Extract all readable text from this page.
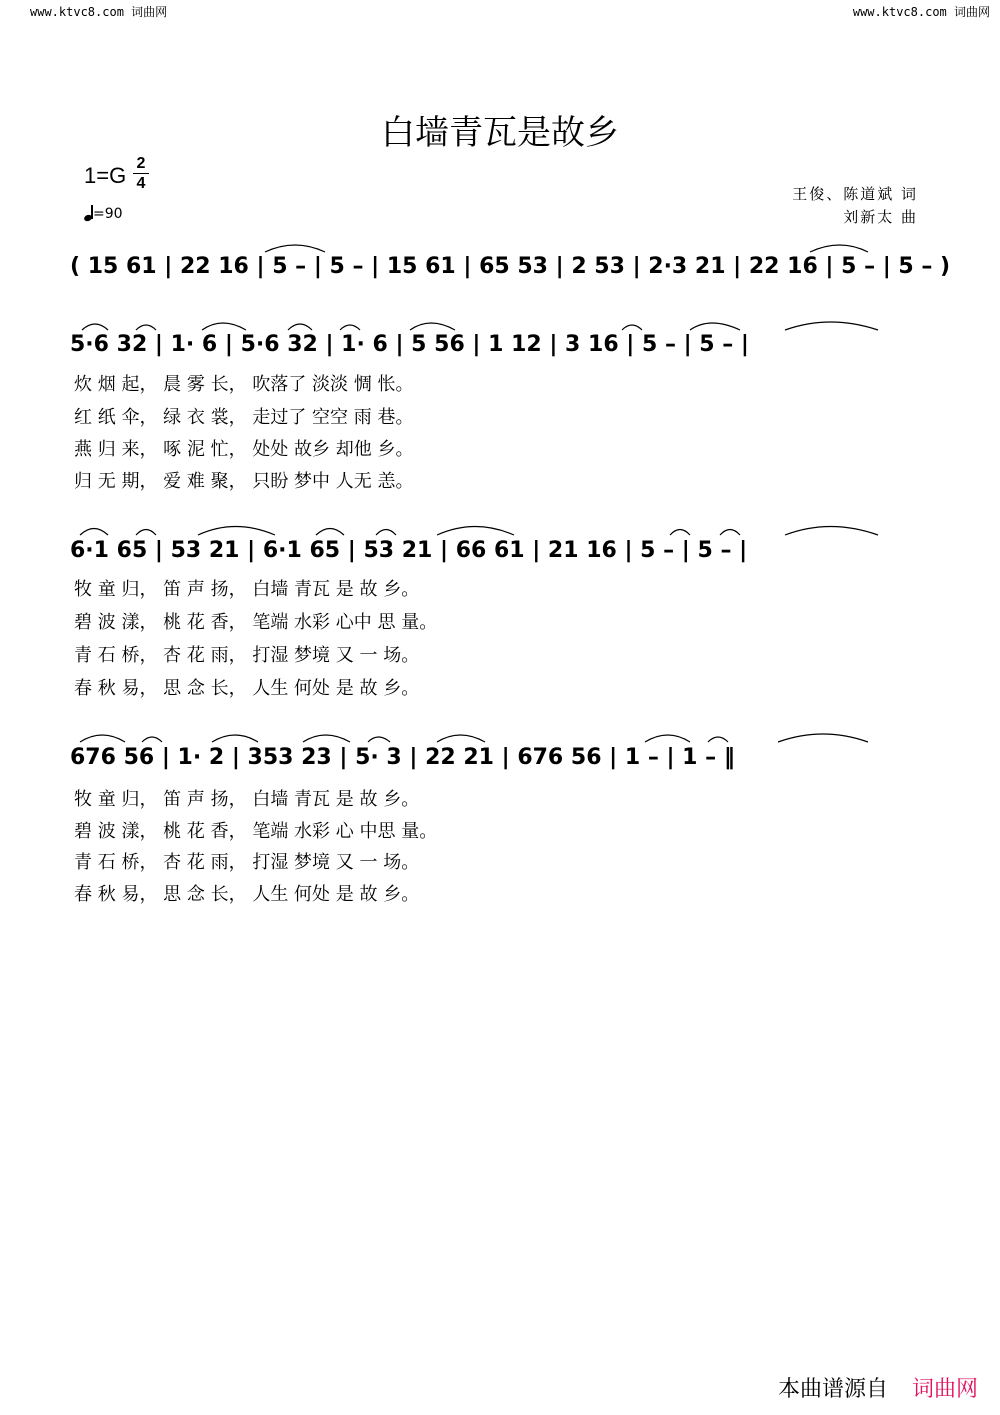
www.ktvc8.com 词曲网	www.ktvc8.com 词曲网
白墙青瓦是故乡
$1=G \frac{2}{4}$
=90
王俊、陈道斌 词
刘新太 曲
( 15 61 | 22 16 | 5 – | 5 – | 15 61 | 65 53 | 2 53 | 2·3 21 | 22 16 | 5 – | 5 – )
5·6 32 | 1· 6 | 5·6 32 | 1· 6 | 5 56 | 1 12 | 3 16 | 5 – | 5 – |
炊 烟 起， 晨 雾 长， 吹落了 淡淡 惆 怅。
红 纸 伞， 绿 衣 裳， 走过了 空空 雨 巷。
燕 归 来， 啄 泥 忙， 处处 故乡 却他 乡。
归 无 期， 爱 难 聚， 只盼 梦中 人无 恙。
6·1 65 | 53 21 | 6·1 65 | 53 21 | 66 61 | 21 16 | 5 – | 5 – |
牧 童 归， 笛 声 扬， 白墙 青瓦 是 故 乡。
碧 波 漾， 桃 花 香， 笔端 水彩 心中 思 量。
青 石 桥， 杏 花 雨， 打湿 梦境 又 一 场。
春 秋 易， 思 念 长， 人生 何处 是 故 乡。
676 56 | 1· 2 | 353 23 | 5· 3 | 22 21 | 676 56 | 1 – | 1 – ‖
牧 童 归， 笛 声 扬， 白墙 青瓦 是 故 乡。
碧 波 漾， 桃 花 香， 笔端 水彩 心 中思 量。
青 石 桥， 杏 花 雨， 打湿 梦境 又 一 场。
春 秋 易， 思 念 长， 人生 何处 是 故 乡。
本曲谱源自 词曲网
